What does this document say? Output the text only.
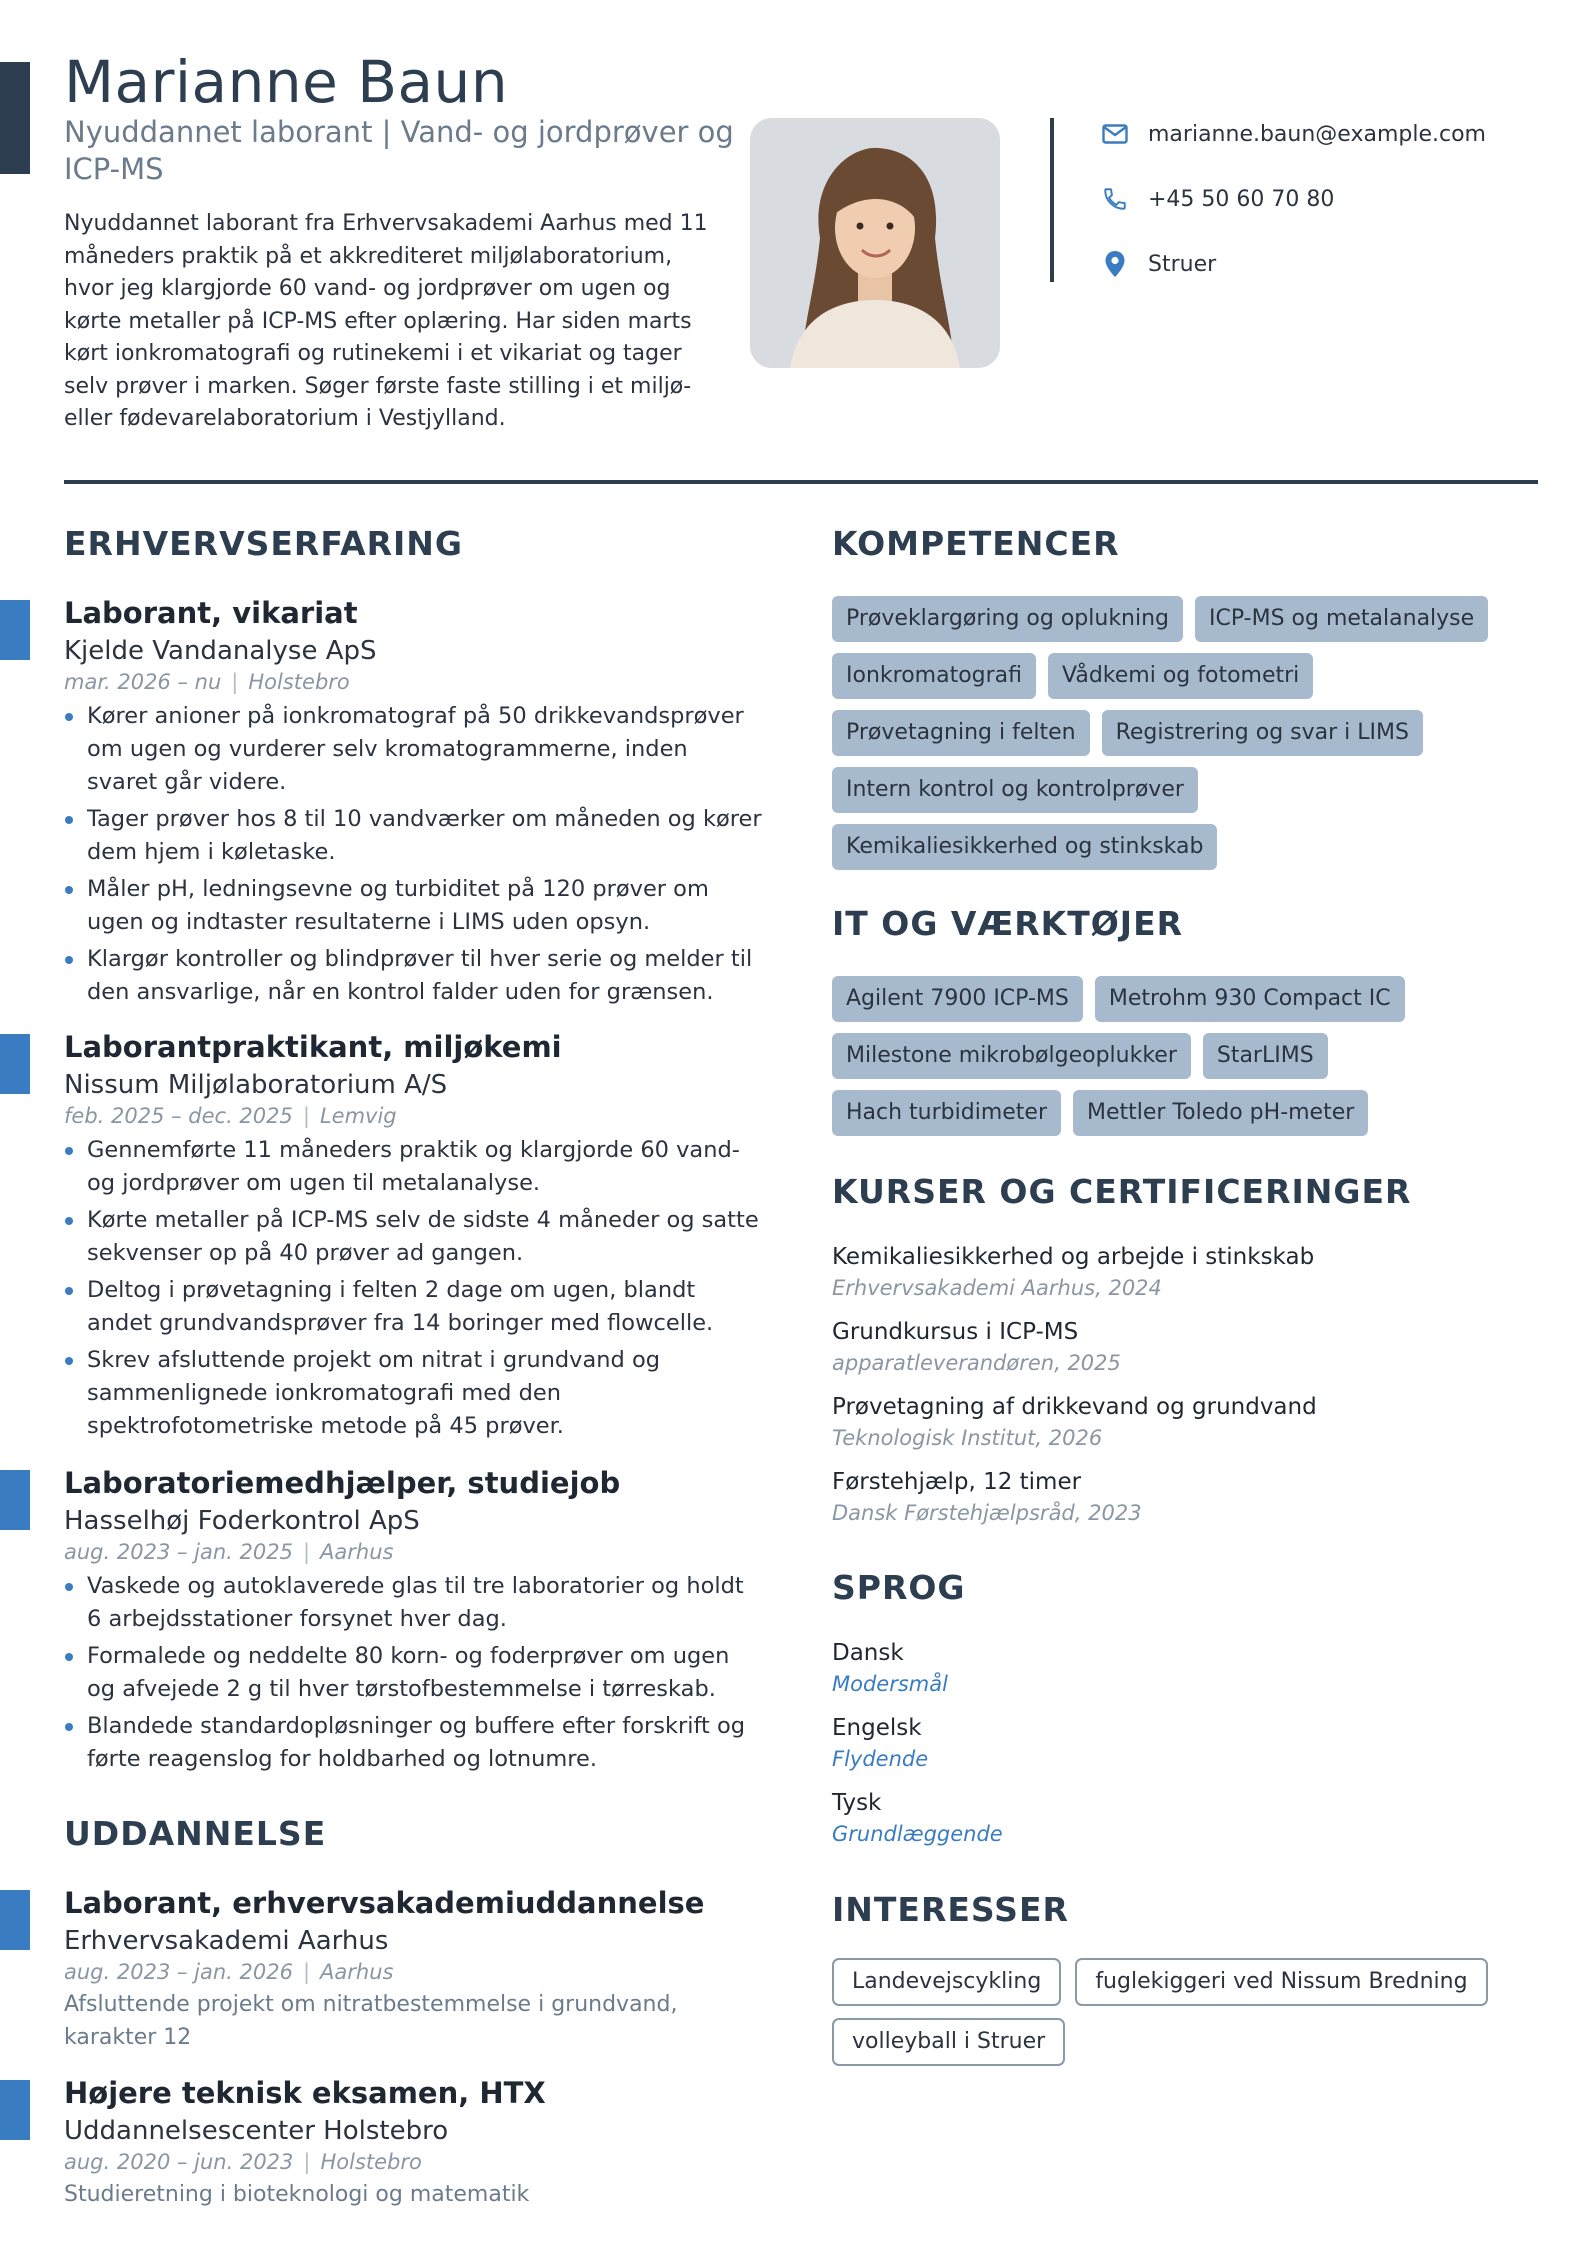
Marianne Baun
Nyuddannet laborant | Vand- og jordprøver og ICP-MS
Nyuddannet laborant fra Erhvervsakademi Aarhus med 11 måneders praktik på et akkrediteret miljølaboratorium, hvor jeg klargjorde 60 vand- og jordprøver om ugen og kørte metaller på ICP-MS efter oplæring. Har siden marts kørt ionkromatografi og rutinekemi i et vikariat og tager selv prøver i marken. Søger første faste stilling i et miljø- eller fødevarelaboratorium i Vestjylland.
marianne.baun@example.com
+45 50 60 70 80
Struer
ERHVERVSERFARING
Laborant, vikariat
Kjelde Vandanalyse ApS
mar. 2026 – nu | Holstebro
Kører anioner på ionkromatograf på 50 drikkevandsprøver om ugen og vurderer selv kromatogrammerne, inden svaret går videre.
Tager prøver hos 8 til 10 vandværker om måneden og kører dem hjem i køletaske.
Måler pH, ledningsevne og turbiditet på 120 prøver om ugen og indtaster resultaterne i LIMS uden opsyn.
Klargør kontroller og blindprøver til hver serie og melder til den ansvarlige, når en kontrol falder uden for grænsen.
Laborantpraktikant, miljøkemi
Nissum Miljølaboratorium A/S
feb. 2025 – dec. 2025 | Lemvig
Gennemførte 11 måneders praktik og klargjorde 60 vand- og jordprøver om ugen til metalanalyse.
Kørte metaller på ICP-MS selv de sidste 4 måneder og satte sekvenser op på 40 prøver ad gangen.
Deltog i prøvetagning i felten 2 dage om ugen, blandt andet grundvandsprøver fra 14 boringer med flowcelle.
Skrev afsluttende projekt om nitrat i grundvand og sammenlignede ionkromatografi med den spektrofotometriske metode på 45 prøver.
Laboratoriemedhjælper, studiejob
Hasselhøj Foderkontrol ApS
aug. 2023 – jan. 2025 | Aarhus
Vaskede og autoklaverede glas til tre laboratorier og holdt 6 arbejdsstationer forsynet hver dag.
Formalede og neddelte 80 korn- og foderprøver om ugen og afvejede 2 g til hver tørstofbestemmelse i tørreskab.
Blandede standardopløsninger og buffere efter forskrift og førte reagenslog for holdbarhed og lotnumre.
UDDANNELSE
Laborant, erhvervsakademiuddannelse
Erhvervsakademi Aarhus
aug. 2023 – jan. 2026 | Aarhus
Afsluttende projekt om nitratbestemmelse i grundvand, karakter 12
Højere teknisk eksamen, HTX
Uddannelsescenter Holstebro
aug. 2020 – jun. 2023 | Holstebro
Studieretning i bioteknologi og matematik
KOMPETENCER
Prøveklargøring og oplukning	ICP-MS og metalanalyse
Ionkromatografi	Vådkemi og fotometri
Prøvetagning i felten	Registrering og svar i LIMS
Intern kontrol og kontrolprøver
Kemikaliesikkerhed og stinkskab
IT OG VÆRKTØJER
Agilent 7900 ICP-MS	Metrohm 930 Compact IC
Milestone mikrobølgeoplukker	StarLIMS
Hach turbidimeter	Mettler Toledo pH-meter
KURSER OG CERTIFICERINGER
Kemikaliesikkerhed og arbejde i stinkskab
Erhvervsakademi Aarhus, 2024
Grundkursus i ICP-MS
apparatleverandøren, 2025
Prøvetagning af drikkevand og grundvand
Teknologisk Institut, 2026
Førstehjælp, 12 timer
Dansk Førstehjælpsråd, 2023
SPROG
Dansk
Modersmål
Engelsk
Flydende
Tysk
Grundlæggende
INTERESSER
Landevejscykling	fuglekiggeri ved Nissum Bredning
volleyball i Struer
